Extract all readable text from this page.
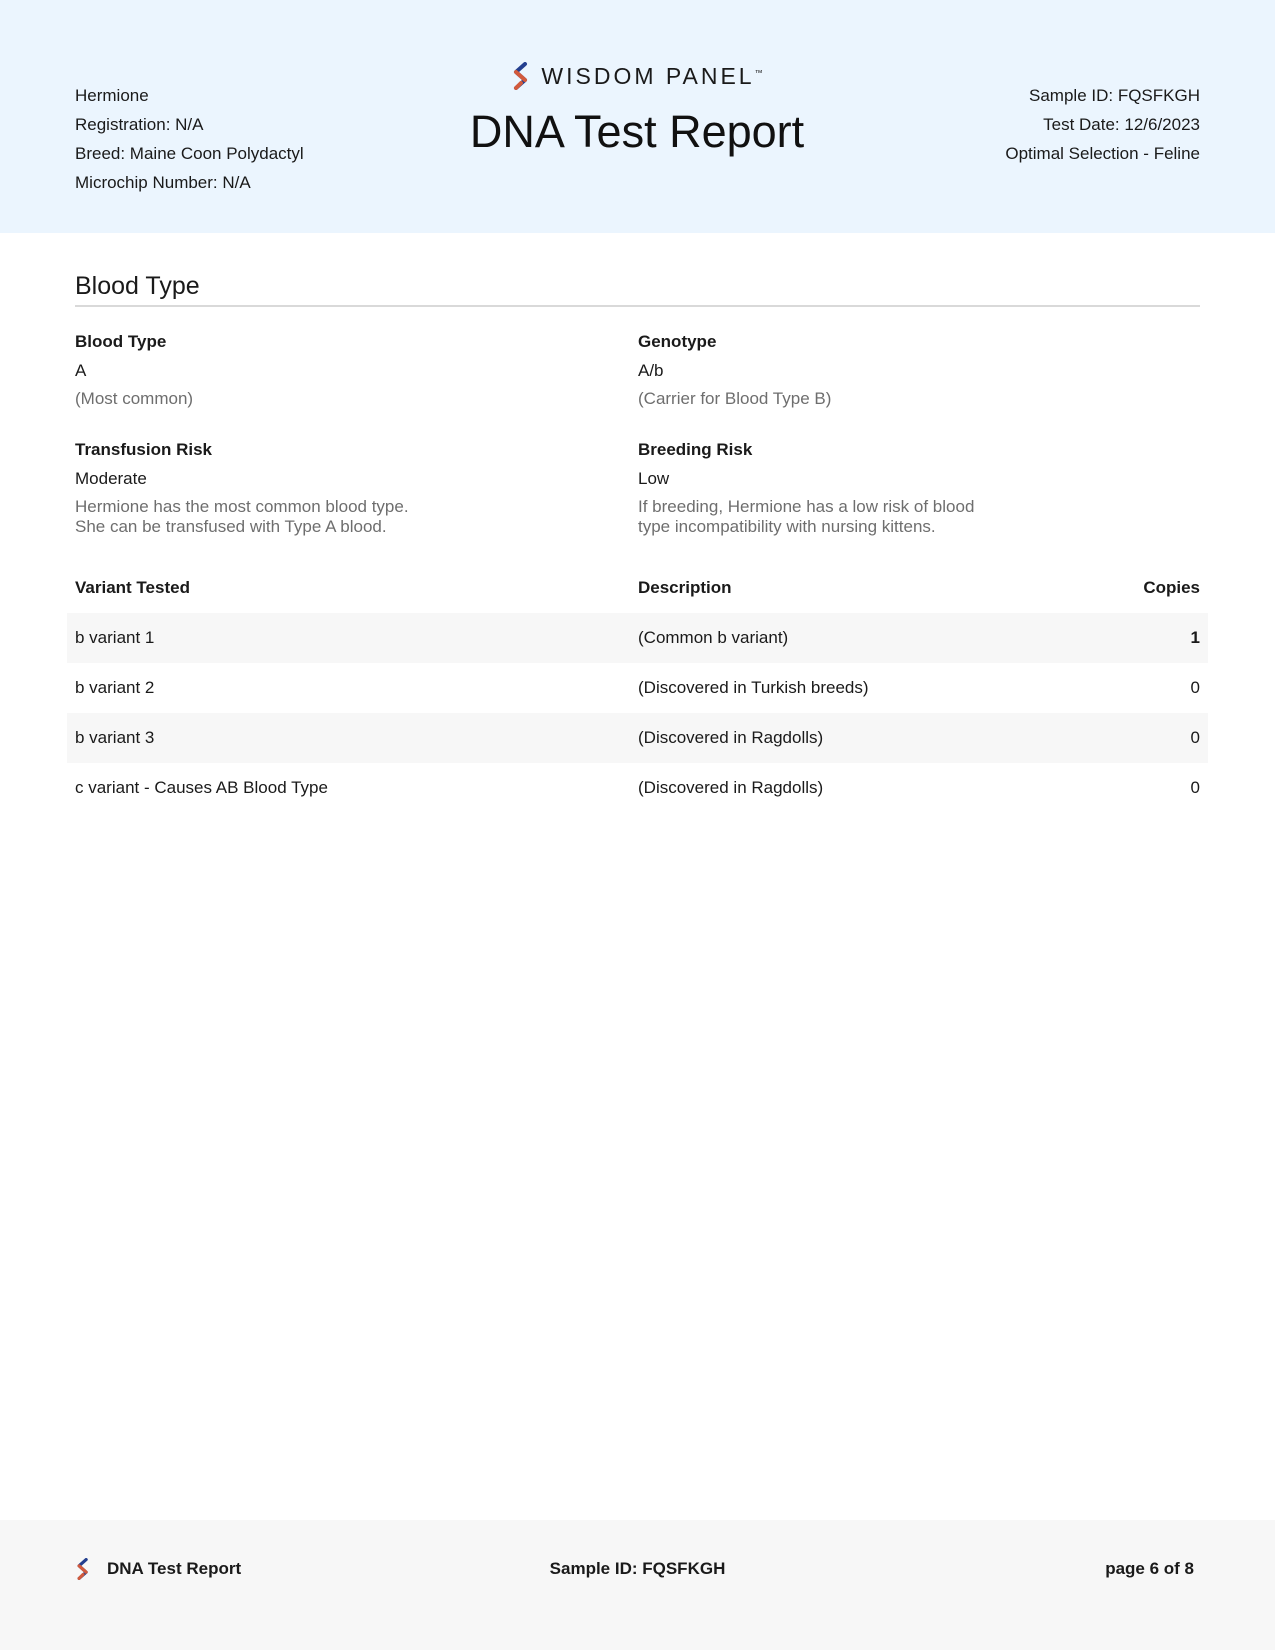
Hermione
Registration: N/A
Breed: Maine Coon Polydactyl
Microchip Number: N/A
WISDOM PANEL™
DNA Test Report
Sample ID: FQSFKGH
Test Date: 12/6/2023
Optimal Selection - Feline
Blood Type
Blood Type
A
(Most common)
Genotype
A/b
(Carrier for Blood Type B)
Transfusion Risk
Moderate
Hermione has the most common blood type.
She can be transfused with Type A blood.
Breeding Risk
Low
If breeding, Hermione has a low risk of blood
type incompatibility with nursing kittens.
Variant Tested	Description	Copies
b variant 1	(Common b variant)	1
b variant 2	(Discovered in Turkish breeds)	0
b variant 3	(Discovered in Ragdolls)	0
c variant - Causes AB Blood Type	(Discovered in Ragdolls)	0
DNA Test Report	Sample ID: FQSFKGH	page 6 of 8
